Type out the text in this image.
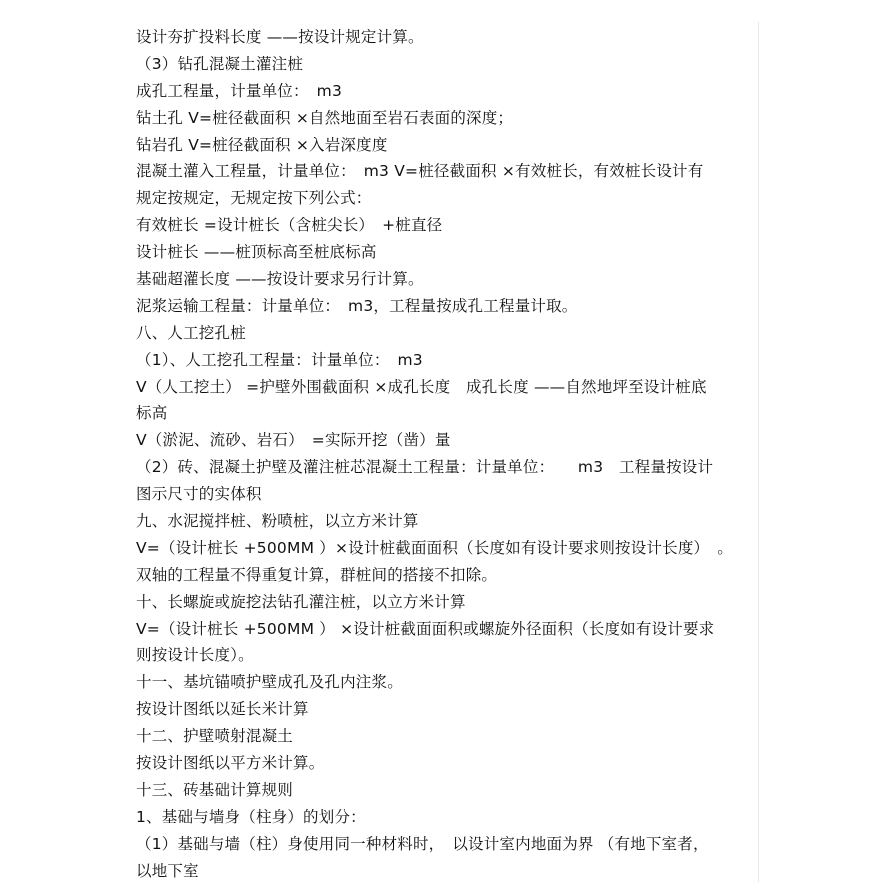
设计夯扩投料长度 ——按设计规定计算。
（3）钻孔混凝土灌注桩
成孔工程量，计量单位：　m3
钻土孔 V=桩径截面积 ×自然地面至岩石表面的深度；
钻岩孔 V=桩径截面积 ×入岩深度度
混凝土灌入工程量，计量单位：　m3 V=桩径截面积 ×有效桩长，有效桩长设计有
规定按规定，无规定按下列公式：
有效桩长 =设计桩长（含桩尖长）　+桩直径
设计桩长 ——桩顶标高至桩底标高
基础超灌长度 ——按设计要求另行计算。
泥浆运输工程量：计量单位：　m3，工程量按成孔工程量计取。
八、人工挖孔桩
（1）、人工挖孔工程量：计量单位：　m3
V（人工挖土） =护壁外围截面积 ×成孔长度　成孔长度 ——自然地坪至设计桩底
标高
V（淤泥、流砂、岩石）　=实际开挖（凿）量
（2）砖、混凝土护壁及灌注桩芯混凝土工程量：计量单位：　　m3　工程量按设计
图示尺寸的实体积
九、水泥搅拌桩、粉喷桩，以立方米计算
V=（设计桩长 +500MM ）×设计桩截面面积（长度如有设计要求则按设计长度）　。
双轴的工程量不得重复计算，群桩间的搭接不扣除。
十、长螺旋或旋挖法钻孔灌注桩，以立方米计算
V=（设计桩长 +500MM ） ×设计桩截面面积或螺旋外径面积（长度如有设计要求
则按设计长度）。
十一、基坑锚喷护壁成孔及孔内注浆。
按设计图纸以延长米计算
十二、护壁喷射混凝土
按设计图纸以平方米计算。
十三、砖基础计算规则
1、基础与墙身（柱身）的划分：
（1）基础与墙（柱）身使用同一种材料时，　以设计室内地面为界 （有地下室者，
以地下室
